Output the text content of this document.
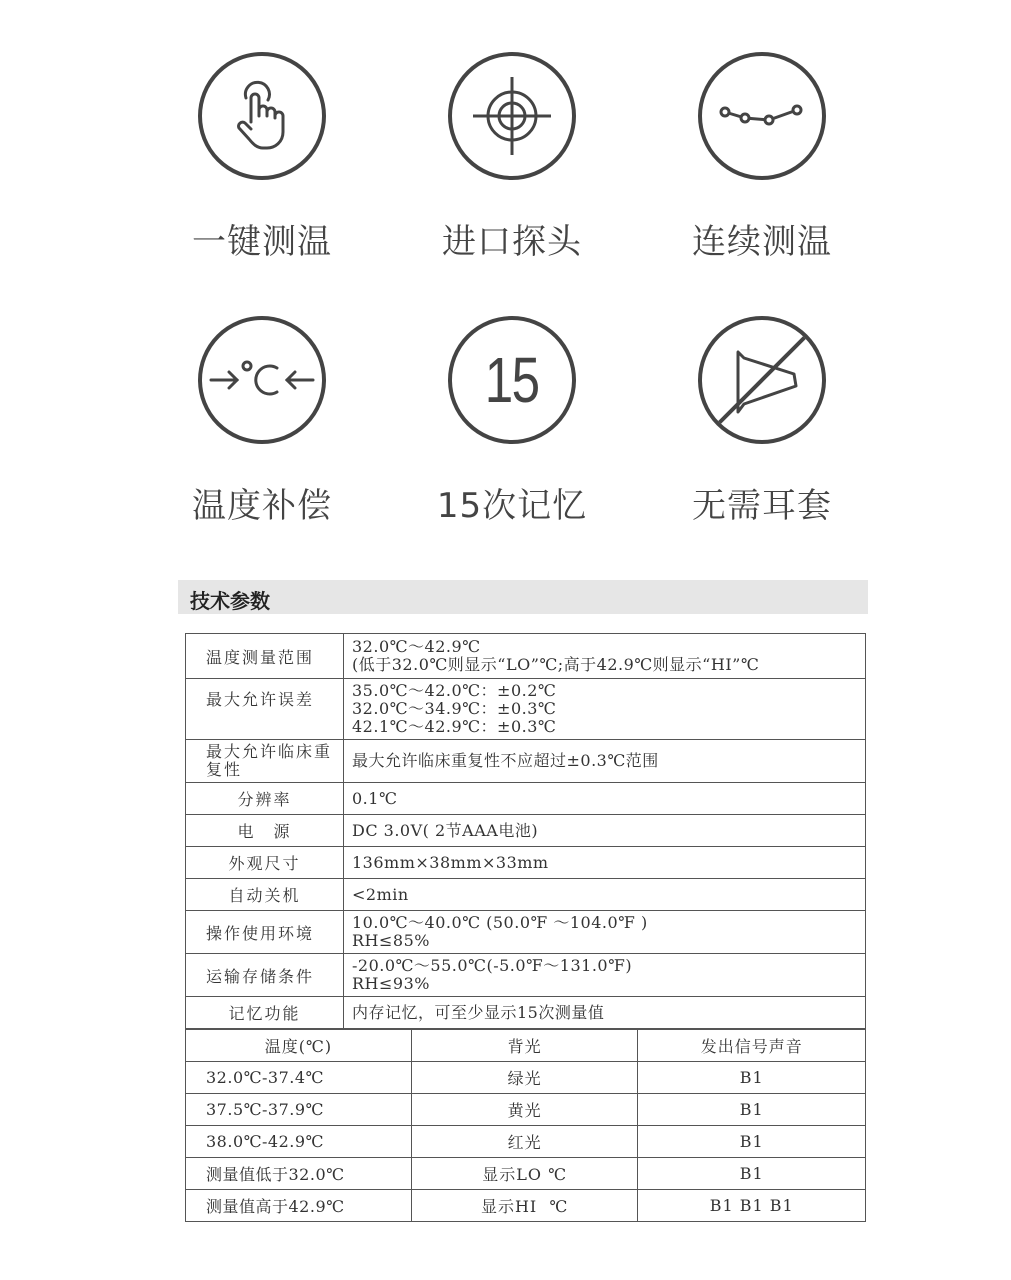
一键测温	进口探头	连续测温
温度补偿
15
15次记忆	无需耳套
技术参数
温度测量范围	32.0℃～42.9℃
(低于32.0℃则显示“LO”℃;高于42.9℃则显示“HI”℃

最大允许误差	35.0℃～42.0℃：±0.2℃
32.0℃～34.9℃：±0.3℃
42.1℃～42.9℃：±0.3℃

最大允许临床重复性	最大允许临床重复性不应超过±0.3℃范围

分辨率	0.1℃

电　源	DC 3.0V( 2节AAA电池)

外观尺寸	136mm×38mm×33mm

自动关机	<2min

操作使用环境	10.0℃～40.0℃ (50.0℉ ～104.0℉ )
RH≤85%

运输存储条件	-20.0℃～55.0℃(-5.0℉～131.0℉)
RH≤93%

记忆功能	内存记忆，可至少显示15次测量值
温度(℃)	背光	发出信号声音
32.0℃-37.4℃	绿光	B1
37.5℃-37.9℃	黄光	B1
38.0℃-42.9℃	红光	B1
测量值低于32.0℃	显示LO ℃	B1
测量值高于42.9℃	显示HI  ℃	B1 B1 B1
